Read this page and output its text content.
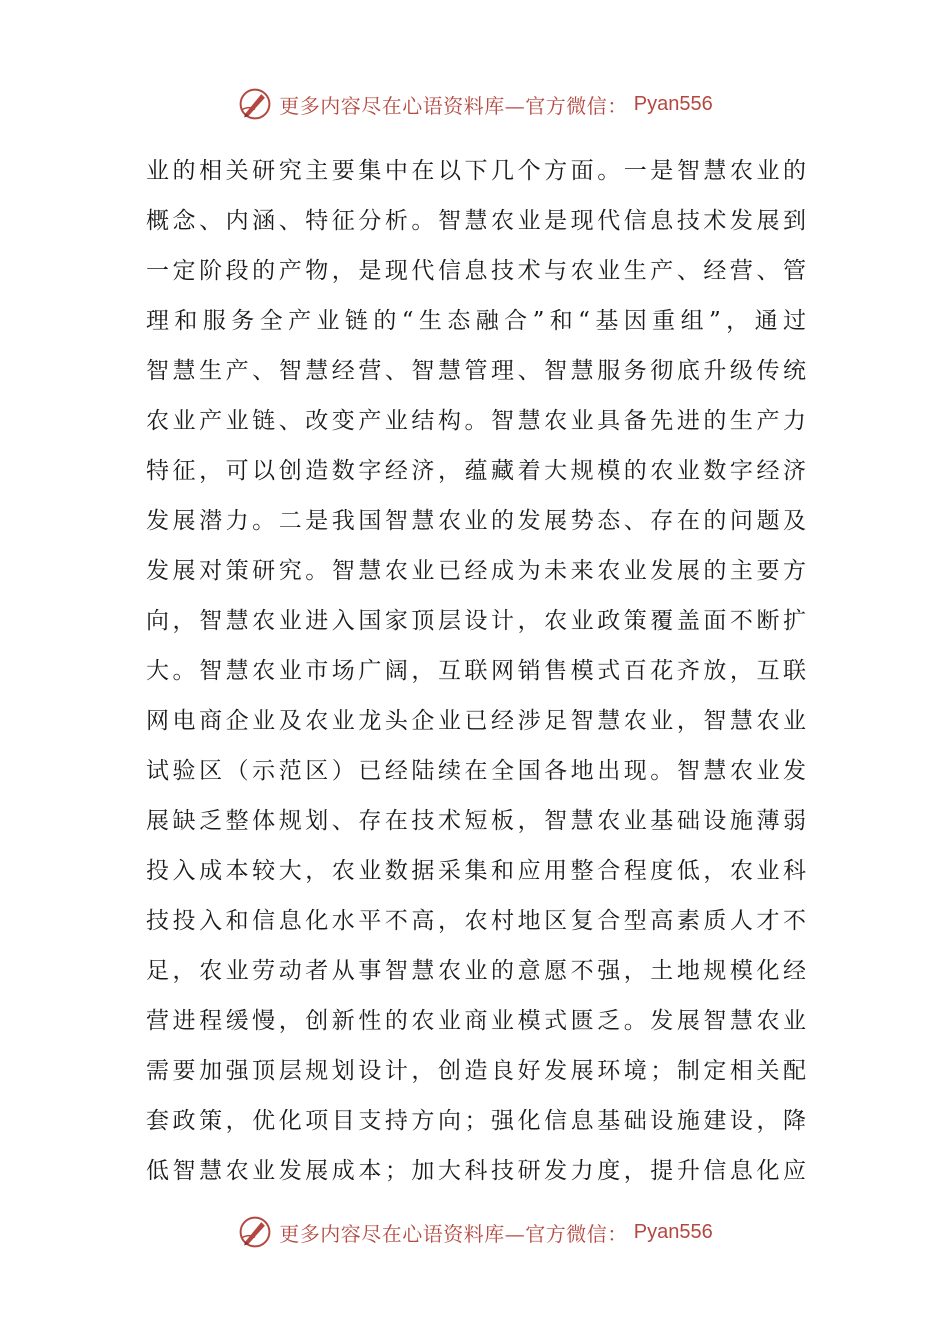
更多内容尽在心语资料库—官方微信： Pyan556
业的相关研究主要集中在以下几个方面。一是智慧农业的
概念、内涵、特征分析。智慧农业是现代信息技术发展到
一定阶段的产物，是现代信息技术与农业生产、经营、管
理和服务全产业链的“生态融合”和“基因重组”，通过
智慧生产、智慧经营、智慧管理、智慧服务彻底升级传统
农业产业链、改变产业结构。智慧农业具备先进的生产力
特征，可以创造数字经济，蕴藏着大规模的农业数字经济
发展潜力。二是我国智慧农业的发展势态、存在的问题及
发展对策研究。智慧农业已经成为未来农业发展的主要方
向，智慧农业进入国家顶层设计，农业政策覆盖面不断扩
大。智慧农业市场广阔，互联网销售模式百花齐放，互联
网电商企业及农业龙头企业已经涉足智慧农业，智慧农业
试验区（示范区）已经陆续在全国各地出现。智慧农业发
展缺乏整体规划、存在技术短板，智慧农业基础设施薄弱
投入成本较大，农业数据采集和应用整合程度低，农业科
技投入和信息化水平不高，农村地区复合型高素质人才不
足，农业劳动者从事智慧农业的意愿不强，土地规模化经
营进程缓慢，创新性的农业商业模式匮乏。发展智慧农业
需要加强顶层规划设计，创造良好发展环境；制定相关配
套政策，优化项目支持方向；强化信息基础设施建设，降
低智慧农业发展成本；加大科技研发力度，提升信息化应
更多内容尽在心语资料库—官方微信： Pyan556
